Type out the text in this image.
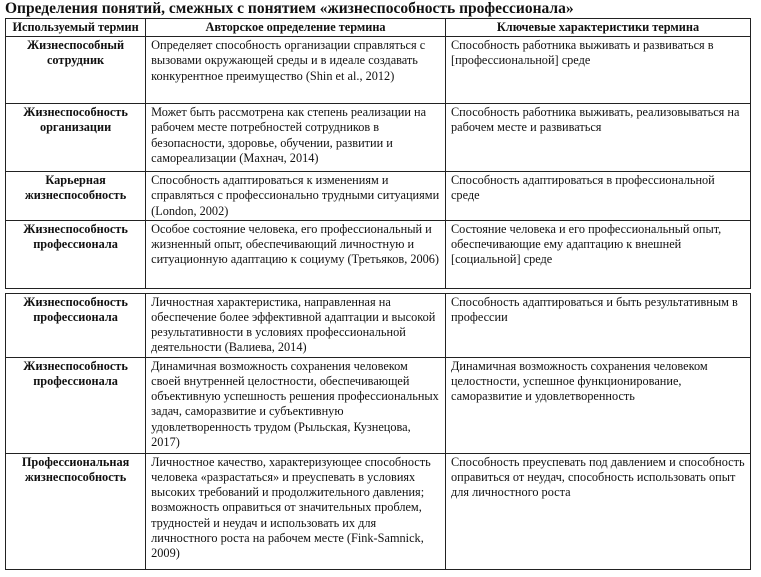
Определения понятий, смежных с понятием «жизнеспособность профессионала»
Используемый термин	Авторское определение термина	Ключевые характеристики термина
Жизнеспособный сотрудник	Определяет способность организации справляться с вызовами окружающей среды и в идеале создавать конкурентное преимущество (Shin et al., 2012)	Способность работника выживать и развиваться в [профессиональной] среде
Жизнеспособность организации	Может быть рассмотрена как степень реализации на рабочем месте потребностей сотрудников в безопасности, здоровье, обучении, развитии и самореализации (Махнач, 2014)	Способность работника выживать, реализовываться на рабочем месте и развиваться
Карьерная жизнеспособность	Способность адаптироваться к изменениям и справляться с профессионально трудными ситуациями (London, 2002)	Способность адаптироваться в профессиональной среде
Жизнеспособность профессионала	Особое состояние человека, его профессиональный и жизненный опыт, обеспечивающий личностную и ситуационную адаптацию к социуму (Третьяков, 2006)	Состояние человека и его профессиональный опыт, обеспечивающие ему адаптацию к внешней [социальной] среде

Жизнеспособность профессионала	Личностная характеристика, направленная на обеспечение более эффективной адаптации и высокой результативности в условиях профессиональной деятельности (Валиева, 2014)	Способность адаптироваться и быть результативным в профессии
Жизнеспособность профессионала	Динамичная возможность сохранения человеком своей внутренней целостности, обеспечивающей объективную успешность решения профессиональных задач, саморазвитие и субъективную удовлетворенность трудом (Рыльская, Кузнецова, 2017)	Динамичная возможность сохранения человеком целостности, успешное функционирование, саморазвитие и удовлетворенность
Профессиональная жизнеспособность	Личностное качество, характеризующее способность человека «разрастаться» и преуспевать в условиях высоких требований и продолжительного давления; возможность оправиться от значительных проблем, трудностей и неудач и использовать их для личностного роста на рабочем месте (Fink-Samnick, 2009)	Способность преуспевать под давлением и способность оправиться от неудач, способность использовать опыт для личностного роста
